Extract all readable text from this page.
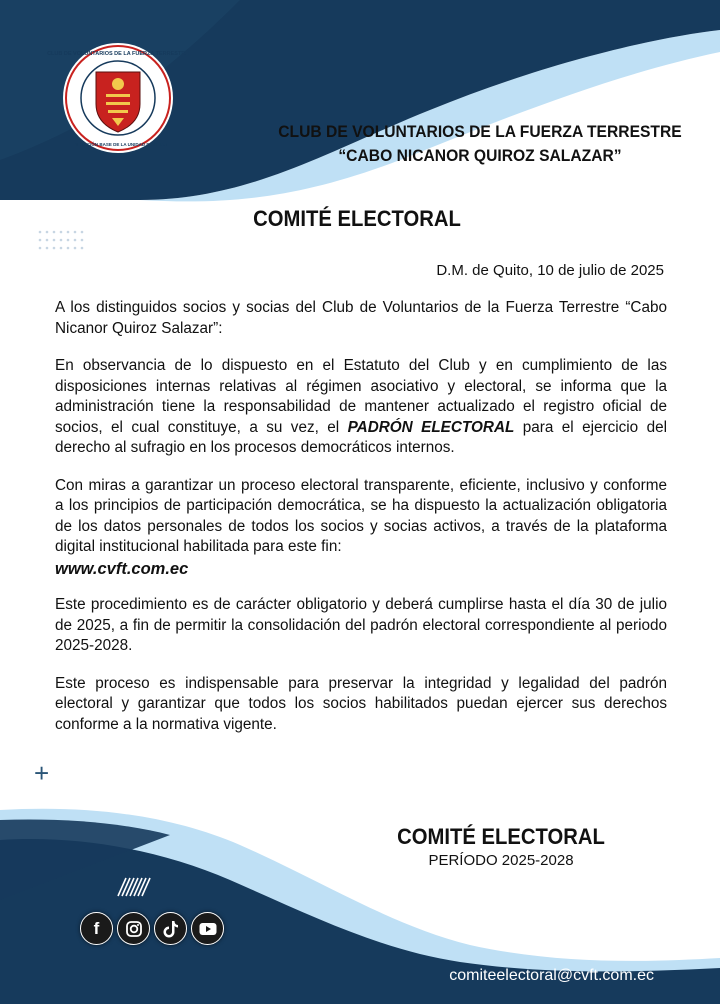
CLUB DE VOLUNTARIOS DE LA FUERZA TERRESTRE
FEDERACIÓN BASE DE LA UNIDAD FAMILIAR
CLUB DE VOLUNTARIOS DE LA FUERZA TERRESTRE
“CABO NICANOR QUIROZ SALAZAR”
COMITÉ ELECTORAL
D.M. de Quito, 10 de julio de 2025

A los distinguidos socios y socias del Club de Voluntarios de la Fuerza Terrestre “Cabo Nicanor Quiroz Salazar”:

En observancia de lo dispuesto en el Estatuto del Club y en cumplimiento de las disposiciones internas relativas al régimen asociativo y electoral, se informa que la administración tiene la responsabilidad de mantener actualizado el registro oficial de socios, el cual constituye, a su vez, el PADRÓN ELECTORAL para el ejercicio del derecho al sufragio en los procesos democráticos internos.

Con miras a garantizar un proceso electoral transparente, eficiente, inclusivo y conforme a los principios de participación democrática, se ha dispuesto la actualización obligatoria de los datos personales de todos los socios y socias activos, a través de la plataforma digital institucional habilitada para este fin:
www.cvft.com.ec

Este procedimiento es de carácter obligatorio y deberá cumplirse hasta el día 30 de julio de 2025, a fin de permitir la consolidación del padrón electoral correspondiente al periodo 2025-2028.

Este proceso es indispensable para preservar la integridad y legalidad del padrón electoral y garantizar que todos los socios habilitados puedan ejercer sus derechos conforme a la normativa vigente.

+
COMITÉ ELECTORAL
PERÍODO 2025-2028
f
comiteelectoral@cvft.com.ec
